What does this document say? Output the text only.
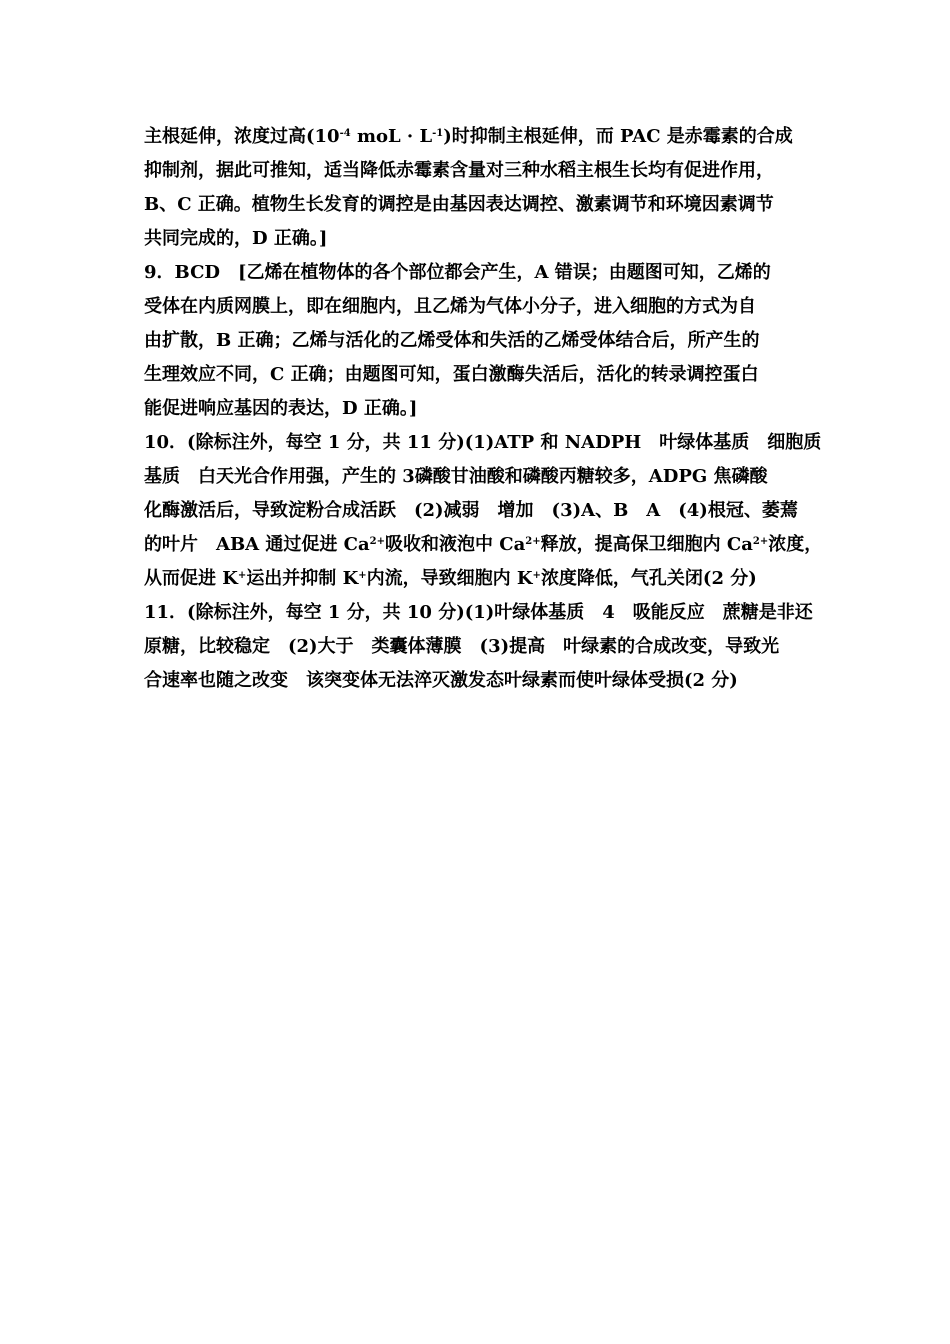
主根延伸，浓度过高($10^{-4}$ moL · $L^{-1}$)时抑制主根延伸，而 PAC 是赤霉素的合成
抑制剂，据此可推知，适当降低赤霉素含量对三种水稻主根生长均有促进作用，
B、C 正确。植物生长发育的调控是由基因表达调控、激素调节和环境因素调节
共同完成的，D 正确。]
9．BCD　[乙烯在植物体的各个部位都会产生，A 错误；由题图可知，乙烯的
受体在内质网膜上，即在细胞内，且乙烯为气体小分子，进入细胞的方式为自
由扩散，B 正确；乙烯与活化的乙烯受体和失活的乙烯受体结合后，所产生的
生理效应不同，C 正确；由题图可知，蛋白激酶失活后，活化的转录调控蛋白
能促进响应基因的表达，D 正确。]
10．(除标注外，每空 1 分，共 11 分)(1)ATP 和 NADPH　叶绿体基质　细胞质
基质　白天光合作用强，产生的 3磷酸甘油酸和磷酸丙糖较多，ADPG 焦磷酸
化酶激活后，导致淀粉合成活跃　(2)减弱　增加　(3)A、B　A　(4)根冠、萎蔫
的叶片　ABA 通过促进 $Ca^{2+}$吸收和液泡中 $Ca^{2+}$释放，提高保卫细胞内 $Ca^{2+}$浓度，
从而促进 K+运出并抑制 K+内流，导致细胞内 K+浓度降低，气孔关闭(2 分)
11．(除标注外，每空 1 分，共 10 分)(1)叶绿体基质　4　吸能反应　蔗糖是非还
原糖，比较稳定　(2)大于　类囊体薄膜　(3)提高　叶绿素的合成改变，导致光
合速率也随之改变　该突变体无法淬灭激发态叶绿素而使叶绿体受损(2 分)
